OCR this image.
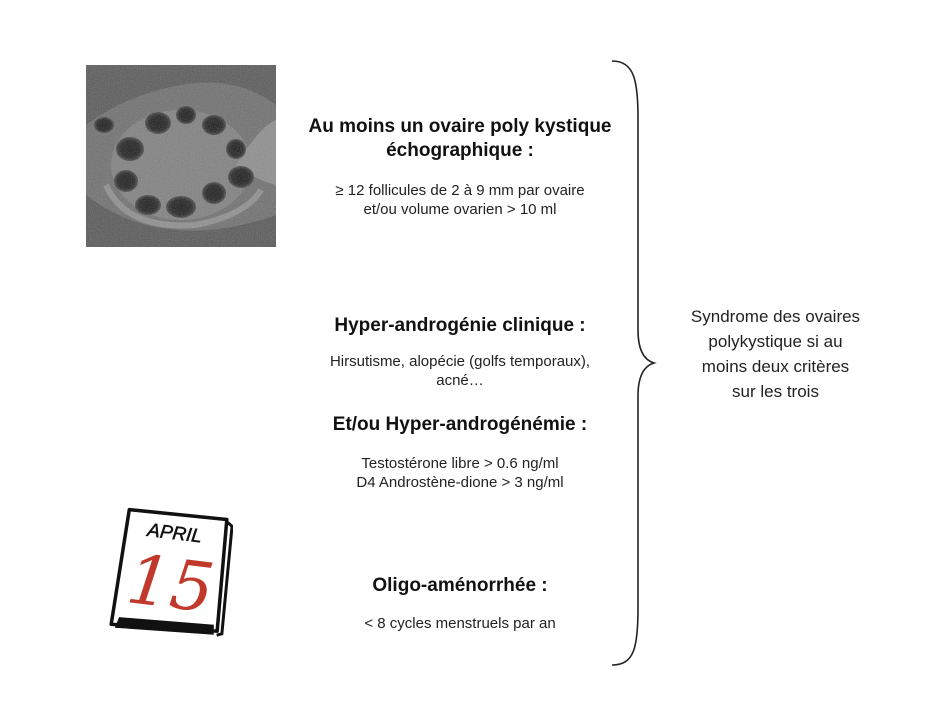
Au moins un ovaire poly kystique
échographique :
≥ 12 follicules de 2 à 9 mm par ovaire
et/ou volume ovarien > 10 ml
Hyper-androgénie clinique :
Hirsutisme, alopécie (golfs temporaux),
acné…
Et/ou Hyper-androgénémie :
Testostérone libre > 0.6 ng/ml
D4 Androstène-dione > 3 ng/ml
Oligo-aménorrhée :
< 8 cycles menstruels par an
APRIL
15
Syndrome des ovaires
polykystique si au
moins deux critères
sur les trois
